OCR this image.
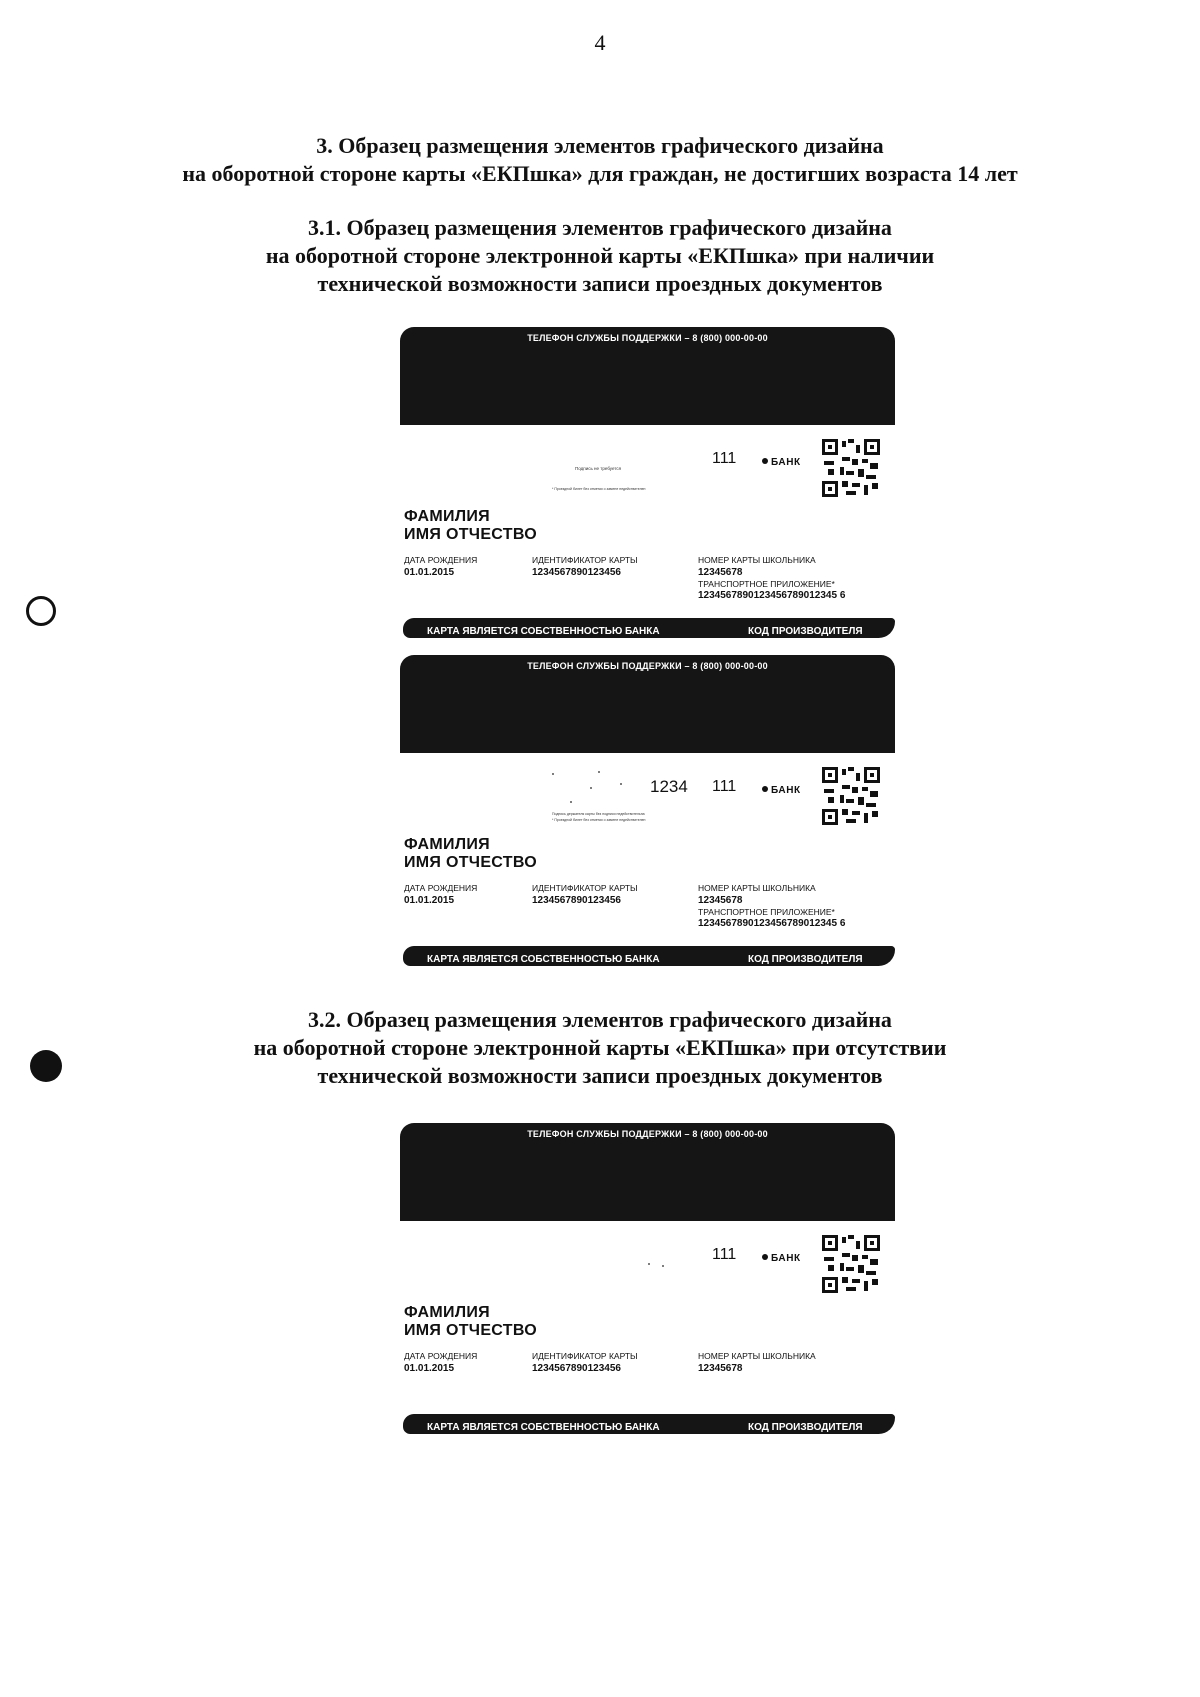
4
3. Образец размещения элементов графического дизайна
на оборотной стороне карты «ЕКПшка» для граждан, не достигших возраста 14 лет
3.1. Образец размещения элементов графического дизайна
на оборотной стороне электронной карты «ЕКПшка» при наличии
технической возможности записи проездных документов
ТЕЛЕФОН СЛУЖБЫ ПОДДЕРЖКИ – 8 (800) 000-00-00
Подпись не требуется
* Проездной билет без отметки о замене недействителен
111	БАНК
ФАМИЛИЯ
ИМЯ ОТЧЕСТВО
ДАТА РОЖДЕНИЯ
01.01.2015
ИДЕНТИФИКАТОР КАРТЫ
1234567890123456
НОМЕР КАРТЫ ШКОЛЬНИКА
12345678
ТРАНСПОРТНОЕ ПРИЛОЖЕНИЕ*
1234567890123456789012345 6
КАРТА ЯВЛЯЕТСЯ СОБСТВЕННОСТЬЮ БАНКА	КОД ПРОИЗВОДИТЕЛЯ
ТЕЛЕФОН СЛУЖБЫ ПОДДЕРЖКИ – 8 (800) 000-00-00
1234
Подпись держателя карты без подписи недействительна
* Проездной билет без отметки о замене недействителен
111	БАНК
ФАМИЛИЯ
ИМЯ ОТЧЕСТВО
ДАТА РОЖДЕНИЯ
01.01.2015
ИДЕНТИФИКАТОР КАРТЫ
1234567890123456
НОМЕР КАРТЫ ШКОЛЬНИКА
12345678
ТРАНСПОРТНОЕ ПРИЛОЖЕНИЕ*
1234567890123456789012345 6
КАРТА ЯВЛЯЕТСЯ СОБСТВЕННОСТЬЮ БАНКА	КОД ПРОИЗВОДИТЕЛЯ
3.2. Образец размещения элементов графического дизайна
на оборотной стороне электронной карты «ЕКПшка» при отсутствии
технической возможности записи проездных документов
ТЕЛЕФОН СЛУЖБЫ ПОДДЕРЖКИ – 8 (800) 000-00-00
111	БАНК
ФАМИЛИЯ
ИМЯ ОТЧЕСТВО
ДАТА РОЖДЕНИЯ
01.01.2015
ИДЕНТИФИКАТОР КАРТЫ
1234567890123456
НОМЕР КАРТЫ ШКОЛЬНИКА
12345678
КАРТА ЯВЛЯЕТСЯ СОБСТВЕННОСТЬЮ БАНКА	КОД ПРОИЗВОДИТЕЛЯ
